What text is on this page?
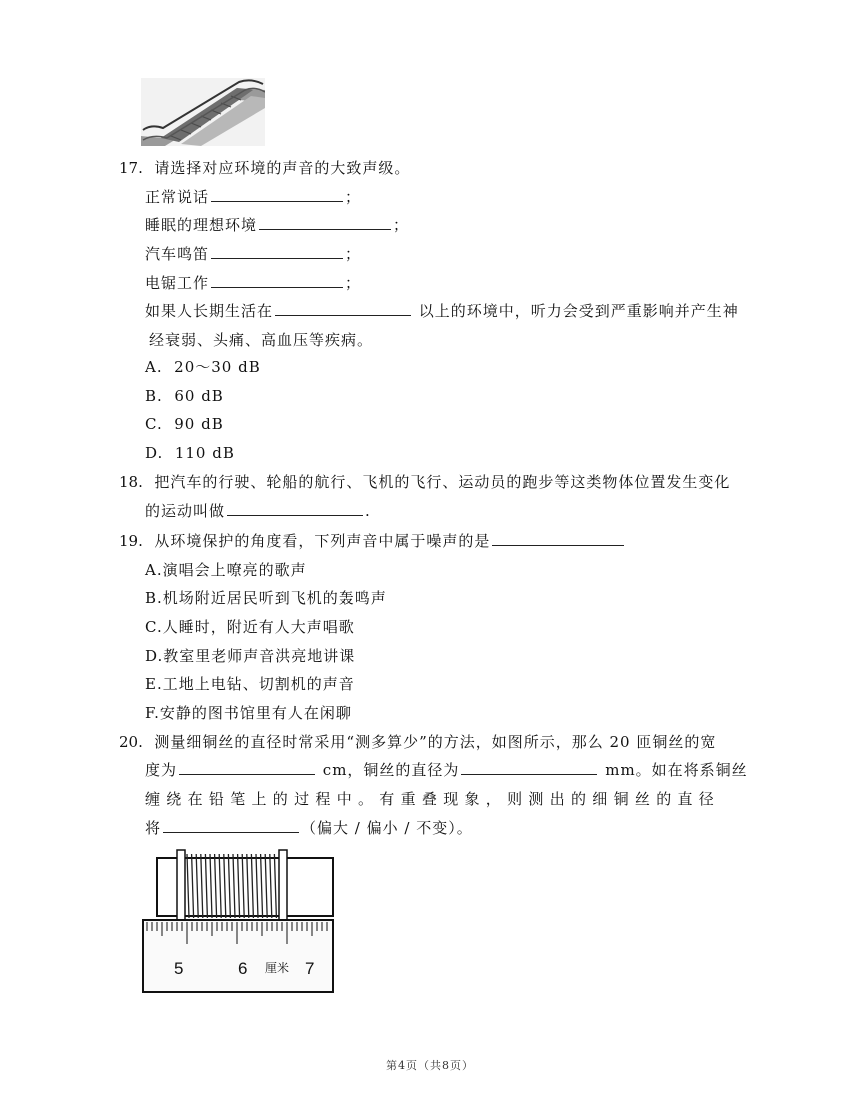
17. 请选择对应环境的声音的大致声级。
正常说话	；
睡眠的理想环境	；
汽车鸣笛	；
电锯工作	；
如果人长期生活在	以上的环境中，听力会受到严重影响并产生神
经衰弱、头痛、高血压等疾病。
A. 20～30 dB
B. 60 dB
C. 90 dB
D. 110 dB
18. 把汽车的行驶、轮船的航行、飞机的飞行、运动员的跑步等这类物体位置发生变化
的运动叫做	.
19. 从环境保护的角度看，下列声音中属于噪声的是
A.演唱会上嘹亮的歌声
B.机场附近居民听到飞机的轰鸣声
C.人睡时，附近有人大声唱歌
D.教室里老师声音洪亮地讲课
E.工地上电钻、切割机的声音
F.安静的图书馆里有人在闲聊
20. 测量细铜丝的直径时常采用“测多算少”的方法，如图所示，那么 20 匝铜丝的宽
度为	cm，铜丝的直径为	mm。如在将系铜丝
缠绕在铅笔上的过程中。有重叠现象，则测出的细铜丝的直径
将	（偏大 / 偏小 / 不变）。
5	6 厘米 7
第4页（共8页）
